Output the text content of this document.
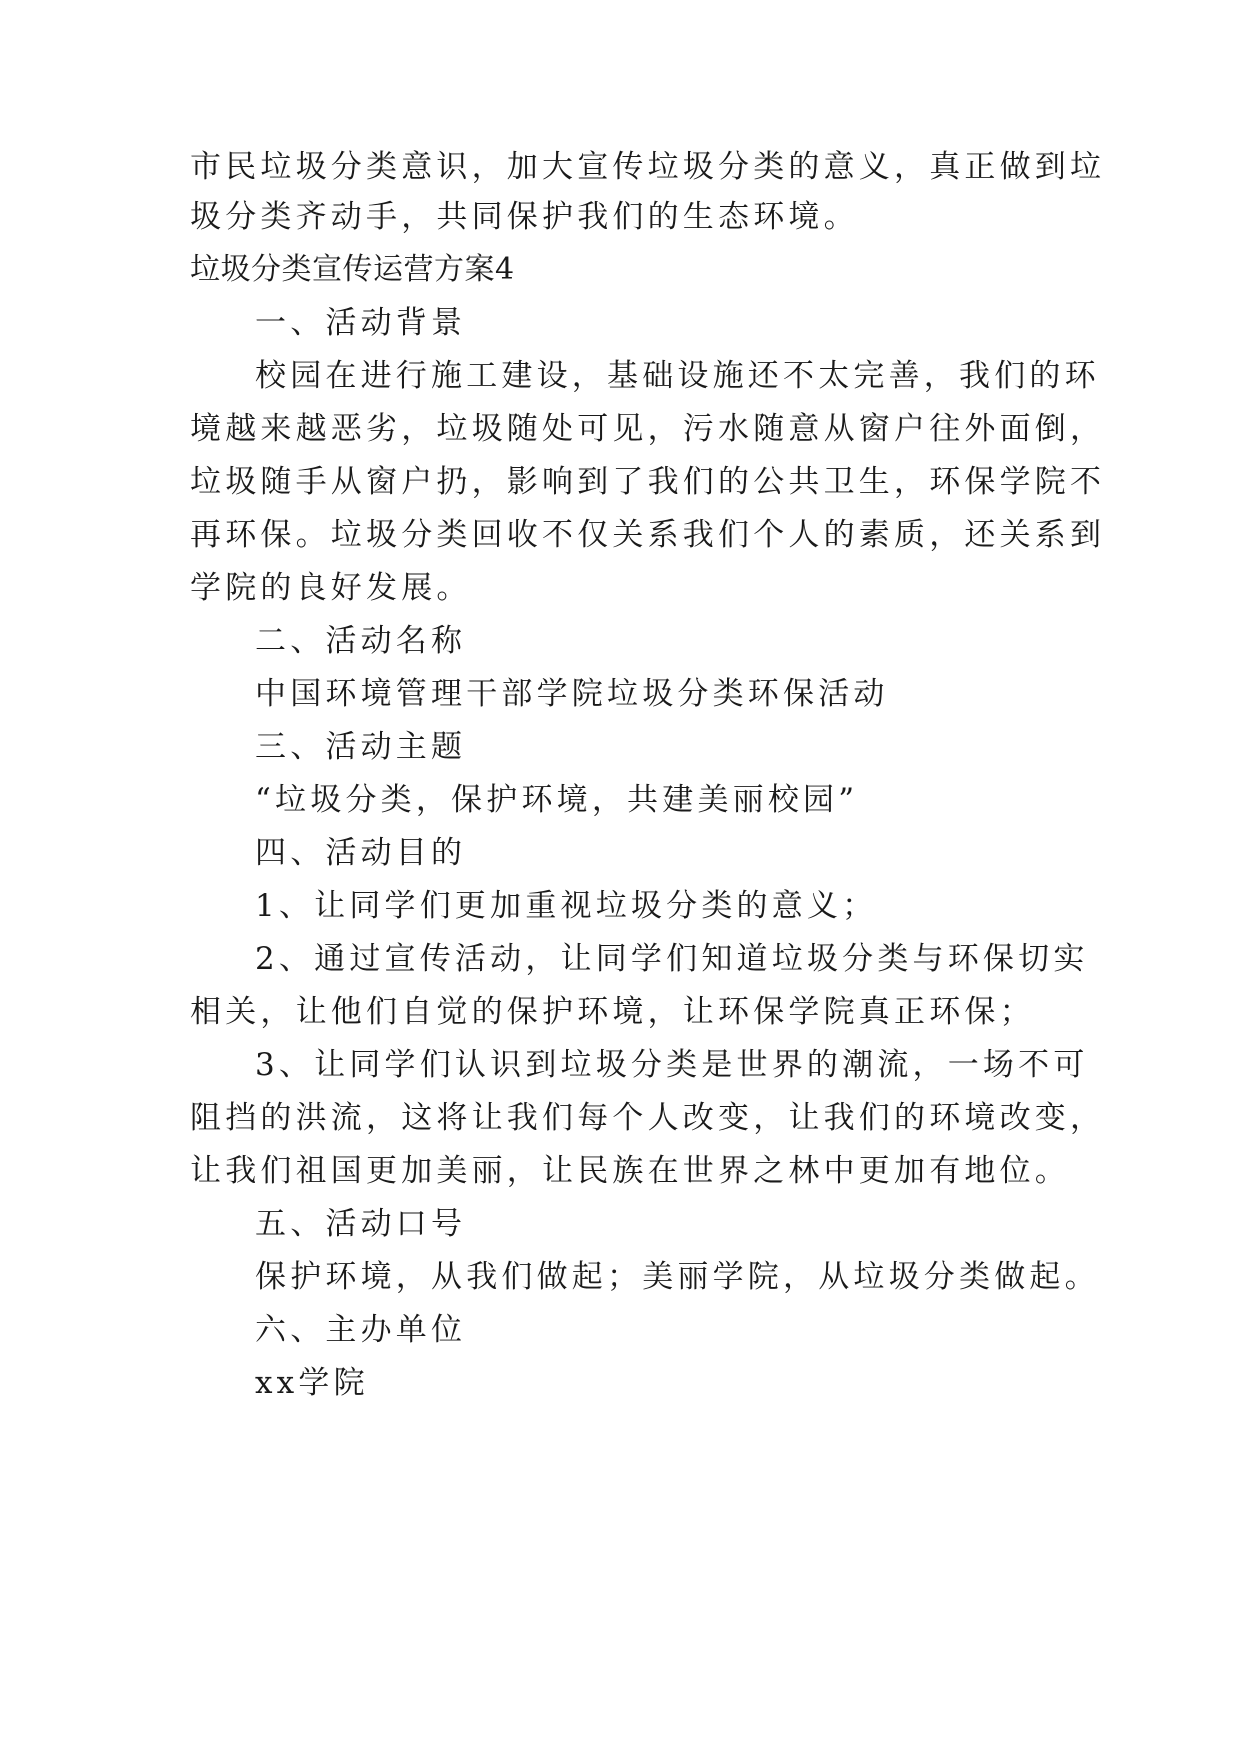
市民垃圾分类意识，加大宣传垃圾分类的意义，真正做到垃
圾分类齐动手，共同保护我们的生态环境。
垃圾分类宣传运营方案4
一、活动背景
校园在进行施工建设，基础设施还不太完善，我们的环
境越来越恶劣，垃圾随处可见，污水随意从窗户往外面倒，
垃圾随手从窗户扔，影响到了我们的公共卫生，环保学院不
再环保。垃圾分类回收不仅关系我们个人的素质，还关系到
学院的良好发展。
二、活动名称
中国环境管理干部学院垃圾分类环保活动
三、活动主题
“垃圾分类，保护环境，共建美丽校园”
四、活动目的
1、让同学们更加重视垃圾分类的意义；
2、通过宣传活动，让同学们知道垃圾分类与环保切实
相关，让他们自觉的保护环境，让环保学院真正环保；
3、让同学们认识到垃圾分类是世界的潮流，一场不可
阻挡的洪流，这将让我们每个人改变，让我们的环境改变，
让我们祖国更加美丽，让民族在世界之林中更加有地位。
五、活动口号
保护环境，从我们做起；美丽学院，从垃圾分类做起。
六、主办单位
xx学院
